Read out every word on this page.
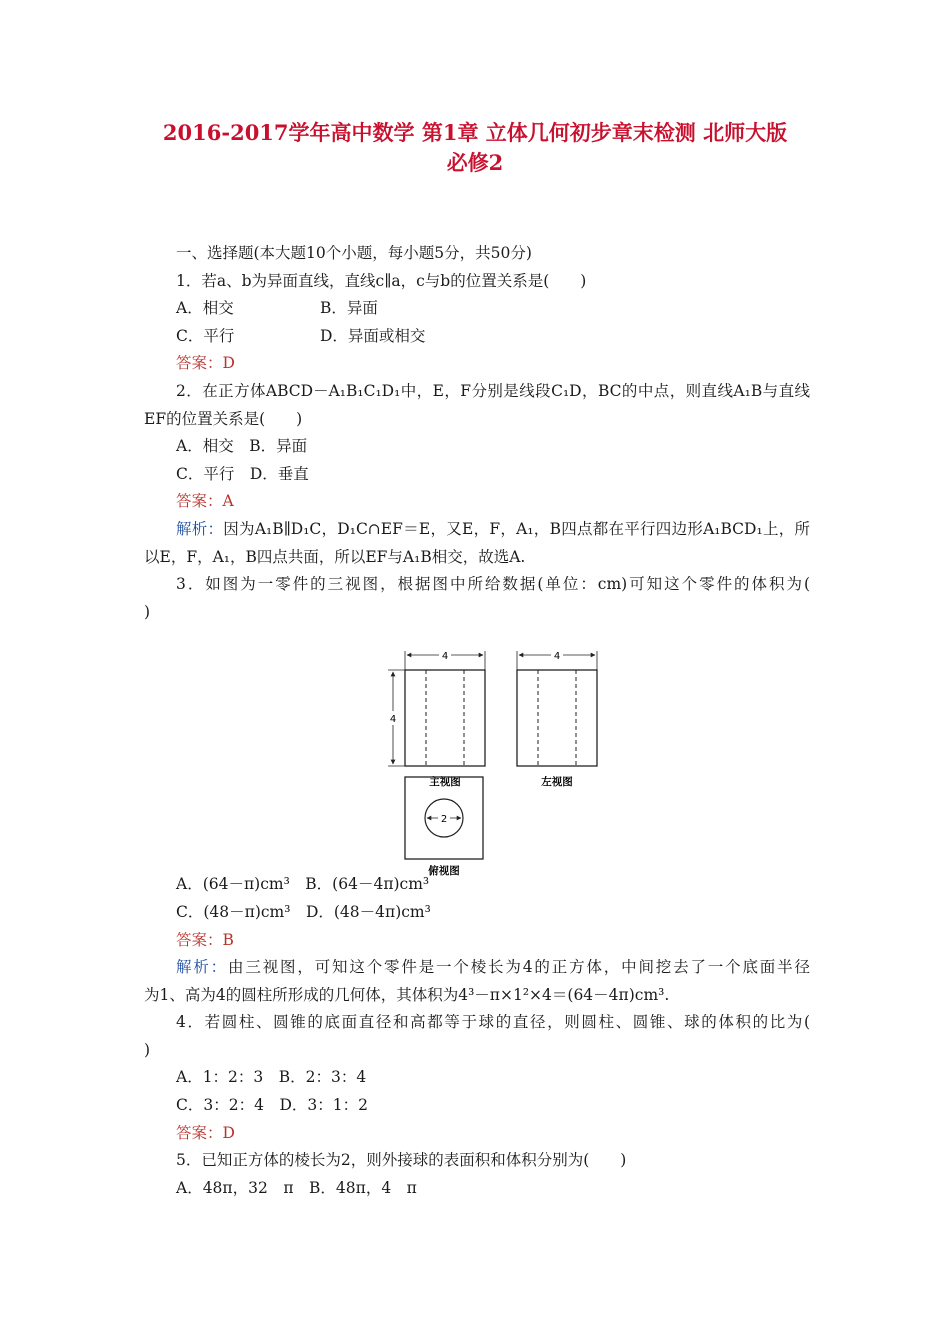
2016-2017学年高中数学 第1章 立体几何初步章末检测 北师大版
必修2
一、选择题(本大题10个小题，每小题5分，共50分)
1．若a、b为异面直线，直线c∥a，c与b的位置关系是(　　)
A．相交	B．异面
C．平行	D．异面或相交
答案：D
2．在正方体ABCD－A₁B₁C₁D₁中，E，F分别是线段C₁D，BC的中点，则直线A₁B与直线
EF的位置关系是(　　)
A．相交　B．异面
C．平行　D．垂直
答案：A
解析：因为A₁B∥D₁C，D₁C∩EF＝E，又E，F，A₁，B四点都在平行四边形A₁BCD₁上，所
以E，F，A₁，B四点共面，所以EF与A₁B相交，故选A.
3．如图为一零件的三视图，根据图中所给数据(单位：cm)可知这个零件的体积为(
)
4
4
主视图
4
左视图
A．(64－π)cm³　B．(64－4π)cm³
C．(48－π)cm³　D．(48－4π)cm³
答案：B
解析：由三视图，可知这个零件是一个棱长为4的正方体，中间挖去了一个底面半径
为1、高为4的圆柱所形成的几何体，其体积为4³－π×1²×4＝(64－4π)cm³.
4．若圆柱、圆锥的底面直径和高都等于球的直径，则圆柱、圆锥、球的体积的比为(
)
A．1：2：3　B．2：3：4
C．3：2：4　D．3：1：2
答案：D
5．已知正方体的棱长为2，则外接球的表面积和体积分别为(　　)
A．48π，32　π　B．48π，4　π
2
俯视图
